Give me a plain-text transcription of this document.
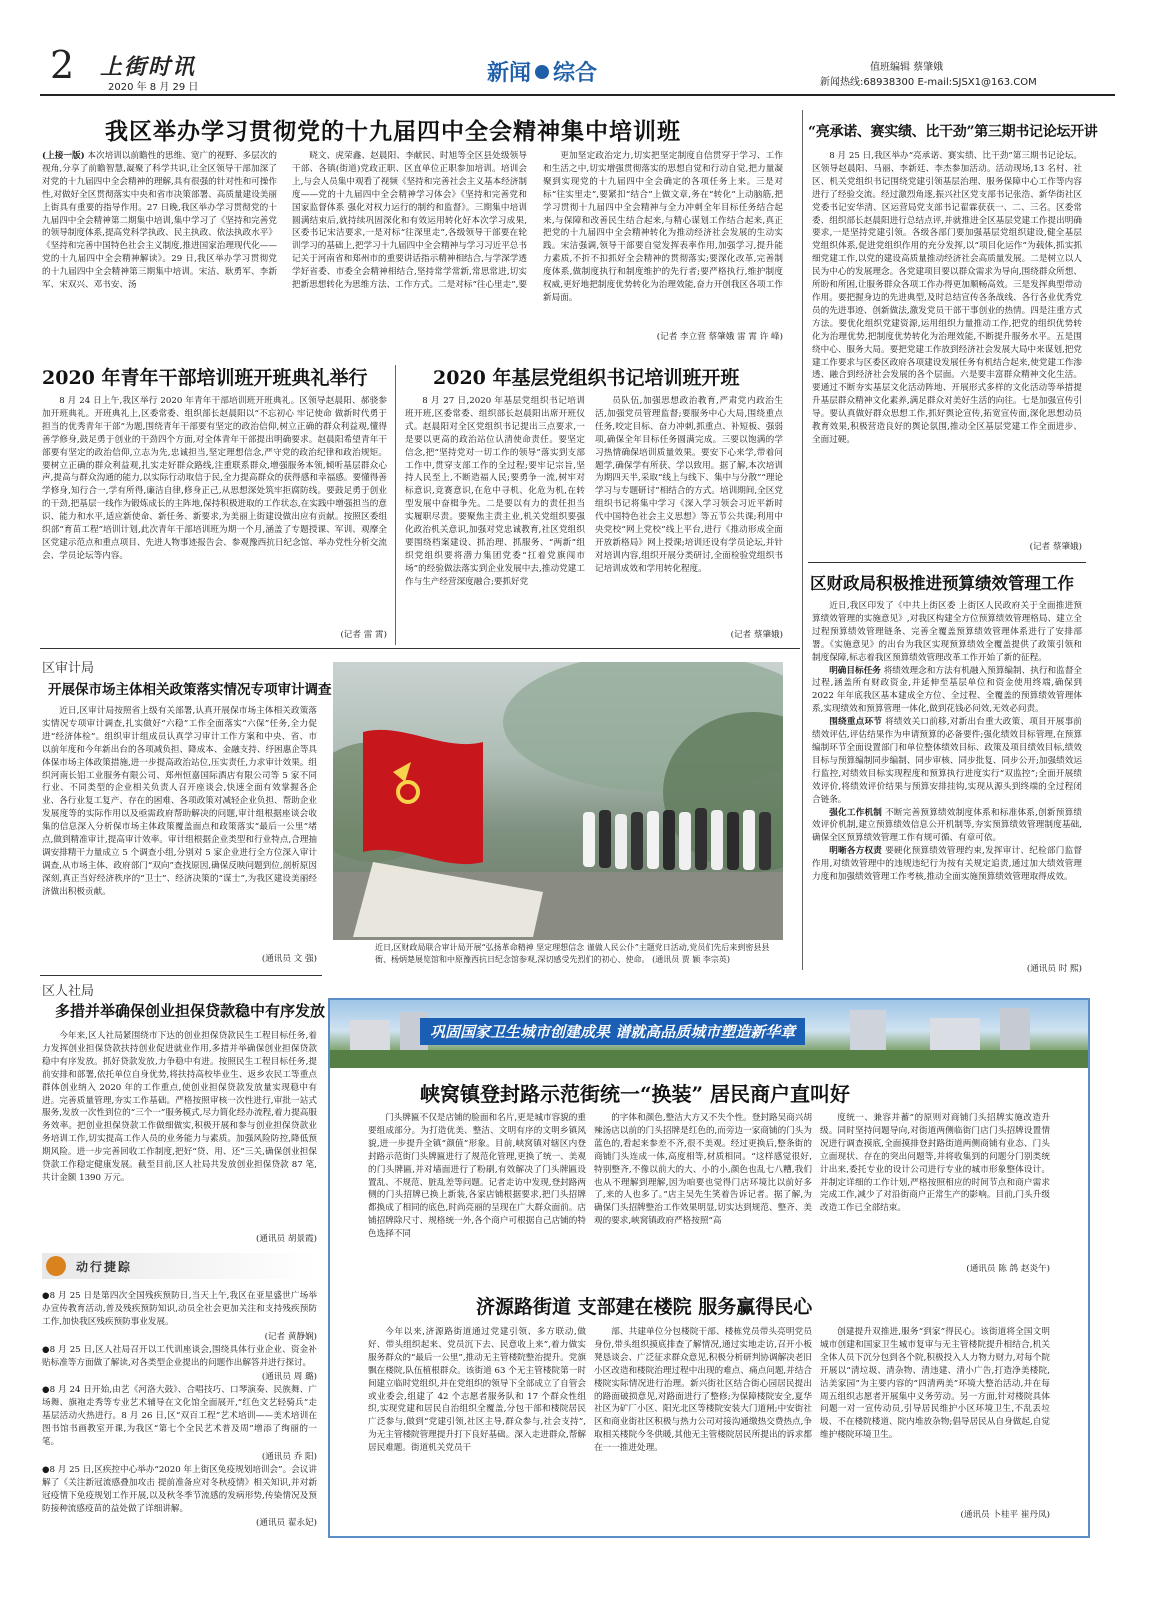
2 上街时讯
2020 年 8 月 29 日
新闻 综合	值班编辑 蔡肇娥
新闻热线:68938300 E-mail:SJSX1@163.COM
我区举办学习贯彻党的十九届四中全会精神集中培训班
(上接一版) 本次培训以前瞻性的思维、宽广的视野、多层次的视角,分享了前瞻智慧,凝聚了科学共识,让全区领导干部加深了对党的十九届四中全会精神的理解,具有很强的针对性和可操作性,对做好全区贯彻落实中央和省市决策部署、高质量建设美丽上街具有重要的指导作用。27 日晚,我区举办学习贯彻党的十九届四中全会精神第二期集中培训,集中学习了《坚持和完善党的领导制度体系,提高党科学执政、民主执政、依法执政水平》《坚持和完善中国特色社会主义制度,推进国家治理现代化——党的十九届四中全会精神解读》。29 日,我区举办学习贯彻党的十九届四中全会精神第三期集中培训。宋洁、耿勇军、李新军、宋双兴、邓书安、汤
晓文、虎荣鑫、赵晨阳、李献民、时旭等全区县处级领导干部、各镇(街道)党政正职、区直单位正职参加培训。培训会上,与会人员集中观看了视频《坚持和完善社会主义基本经济制度——党的十九届四中全会精神学习体会》《坚持和完善党和国家监督体系 强化对权力运行的制约和监督》。三期集中培训圆满结束后,就持续巩固深化和有效运用转化好本次学习成果,区委书记宋洁要求,一是对标“往深里走”,各级领导干部要在轮训学习的基础上,把学习十九届四中全会精神与学习习近平总书记关于河南省和郑州市的重要讲话指示精神相结合,与学深学透学好省委、市委全会精神相结合,坚持常学常新,常思常进,切实把新思想转化为思维方法、工作方式。二是对标“往心里走”,要
更加坚定政治定力,切实把坚定制度自信贯穿于学习、工作和生活之中,切实增强贯彻落实的思想自觉和行动自觉,把力量凝聚到实现党的十九届四中全会确定的各项任务上来。三是对标“往实里走”,要紧扣“结合”上做文章,务在“转化”上动脑筋,把学习贯彻十九届四中全会精神与全力冲刺全年目标任务结合起来,与保障和改善民生结合起来,与精心谋划工作结合起来,真正把党的十九届四中全会精神转化为推动经济社会发展的生动实践。宋洁强调,领导干部要自觉发挥表率作用,加强学习,提升能力素质,不折不扣抓好全会精神的贯彻落实;要深化改革,完善制度体系,做制度执行和制度维护的先行者;要严格执行,维护制度权威,更好地把制度优势转化为治理效能,奋力开创我区各项工作新局面。
(记者 李立营 蔡肇娥 雷 霄 许 峰)
“亮承诺、赛实绩、比干劲”第三期书记论坛开讲
8 月 25 日,我区举办“亮承诺、赛实绩、比干劲”第三期书记论坛。区领导赵晨阳、马丽、李新廷、李杰参加活动。活动现场,13 名村、社区、机关党组织书记围绕党建引领基层治理、服务保障中心工作等内容进行了经验交流。经过激烈角逐,振兴社区党支部书记张浩、新华街社区党委书记安华清、区运营局党支部书记翟霖获获一、二、三名。区委常委、组织部长赵晨阳进行总结点评,并就推进全区基层党建工作提出明确要求,一是坚持党建引领。各级各部门要加强基层党组织建设,健全基层党组织体系,促进党组织作用的充分发挥,以“项目化运作”为载体,抓实抓细党建工作,以党的建设高质量推动经济社会高质量发展。二是树立以人民为中心的发展理念。各党建项目要以群众需求为导向,围绕群众所想、所盼和所困,让服务群众各项工作办得更加顺畅高效。三是发挥典型带动作用。要把握身边的先进典型,及时总结宣传各条战线、各行各业优秀党员的先进事迹、创新做法,激发党员干部干事创业的热情。四是注重方式方法。要优化组织党建资源,运用组织力量推动工作,把党的组织优势转化为治理优势,把制度优势转化为治理效能,不断提升服务水平。五是围绕中心、服务大局。要把党建工作放到经济社会发展大局中来谋划,把党建工作要求与区委区政府各项建设发展任务有机结合起来,使党建工作渗透、融合到经济社会发展的各个层面。六是要丰富群众精神文化生活。要通过不断夯实基层文化活动阵地、开展形式多样的文化活动等举措提升基层群众精神文化素养,满足群众对美好生活的向往。七是加强宣传引导。要认真做好群众思想工作,抓好舆论宣传,拓宽宣传面,深化思想动员教育效果,积极营造良好的舆论氛围,推动全区基层党建工作全面进步、全面过硬。
(记者 蔡肇娥)
2020 年青年干部培训班开班典礼举行
8 月 24 日上午,我区举行 2020 年青年干部培训班开班典礼。区领导赵晨阳、郝骁参加开班典礼。开班典礼上,区委常委、组织部长赵晨阳以“不忘初心 牢记使命 做新时代勇于担当的优秀青年干部”为题,围绕青年干部要有坚定的政治信仰,树立正确的群众利益观,懂得善学修身,鼓足勇于创业的干劲四个方面,对全体青年干部提出明确要求。赵晨阳希望青年干部要有坚定的政治信仰,立志为先,忠诚担当,坚定理想信念,严守党的政治纪律和政治规矩。要树立正确的群众利益观,扎实走好群众路线,注重联系群众,增强服务本领,倾听基层群众心声,提高与群众沟通的能力,以实际行动取信于民,全力提高群众的获得感和幸福感。要懂得善学修身,知行合一,学有所得,廉洁自律,修身正己,从思想深处筑牢拒腐防线。要鼓足勇于创业的干劲,把基层一线作为锻炼成长的主阵地,保持积极进取的工作状态,在实践中增强担当的意识、能力和水平,适应新使命、新任务、新要求,为美丽上街建设做出应有贡献。按照区委组织部“育苗工程”培训计划,此次青年干部培训班为期一个月,涵盖了专题授课、军训、观摩全区党建示范点和重点项目、先进人物事迹报告会、参观豫西抗日纪念馆、举办党性分析交流会、学员论坛等内容。
(记者 雷 霄)
2020 年基层党组织书记培训班开班
8 月 27 日,2020 年基层党组织书记培训班开班,区委常委、组织部长赵晨阳出席开班仪式。赵晨阳对全区党组织书记提出三点要求,一是要以更高的政治站位认清使命责任。要坚定信念,把“坚持党对一切工作的领导”落实到支部工作中,贯穿支部工作的全过程;要牢记宗旨,坚持人民至上,不断造福人民;要勇争一流,树牢对标意识,竞赛意识,在危中寻机、化危为机,在转型发展中奋楫争先。二是要以有力的责任担当实履职尽责。要聚焦主责主业,机关党组织要强化政治机关意识,加强对党忠诚教育,社区党组织要围绕档案建设、抓治理、抓服务、“两新”组织党组织要将潜力集团党委“扛着党旗闯市场”的经验做法落实到企业发展中去,推动党建工作与生产经营深度融合;要抓好党
员队伍,加强思想政治教育,严肃党内政治生活,加强党员管理监督;要服务中心大局,围绕重点任务,咬定目标、奋力冲刺,抓重点、补短板、强弱项,确保全年目标任务圆满完成。三要以饱满的学习热情确保培训质量效果。要安下心来学,带着问题学,确保学有所获、学以致用。据了解,本次培训为期四天半,采取“线上与线下、集中与分散”“理论学习与专题研讨”相结合的方式。培训期间,全区党组织书记将集中学习《深入学习领会习近平新时代中国特色社会主义思想》等五节公共课;利用中央党校“网上党校”线上平台,进行《推动形成全面开放新格局》网上授课;培训还设有学员论坛,并针对培训内容,组织开展分类研讨,全面检验党组织书记培训成效和学用转化程度。
(记者 蔡肇娥)
区审计局
开展保市场主体相关政策落实情况专项审计调查
近日,区审计局按照省上级有关部署,认真开展保市场主体相关政策落实情况专项审计调查,扎实做好“六稳”工作全面落实“六保”任务,全力促进“经济体检”。组织审计组成员认真学习审计工作方案和中央、省、市以前年度和今年新出台的各项减负担、降成本、金融支持、纾困惠企等具体保市场主体政策措施,进一步提高政治站位,压实责任,力求审计效果。组织河南长铝工业服务有限公司、郑州恒嘉国际酒店有限公司等 5 家不同行业、不同类型的企业相关负责人召开座谈会,快速全面有效掌握各企业、各行业复工复产、存在的困难、各项政策对减轻企业负担、帮助企业发展度等的实际作用以及亟需政府帮助解决的问题,审计组根据座谈会收集的信息深入分析保市场主体政策覆盖面点和政策落实“最后一公里”堵点,做到精准审计,提高审计效率。审计组根据企业类型和行业特点,合理抽调安排精干力量成立 5 个调查小组,分别对 5 家企业进行全方位深入审计调查,从市场主体、政府部门“双向”查找原因,确保反映问题到位,剖析原因深刻,真正当好经济秩序的“卫士”、经济决策的“谋士”,为我区建设美丽经济做出积极贡献。
(通讯员 文 强)
近日,区财政局联合审计局开展“弘扬革命精神 坚定理想信念 谨做人民公仆”主题党日活动,党员们先后来到密县县衙、杨炳楚展览馆和中原豫西抗日纪念馆参观,深切感受先烈们的初心、使命。 (通讯员 贾 颖 李宗英)
区财政局积极推进预算绩效管理工作

近日,我区印发了《中共上街区委 上街区人民政府关于全面推进预算绩效管理的实施意见》,对我区构建全方位预算绩效管理格局、建立全过程预算绩效管理链条、完善全覆盖预算绩效管理体系进行了安排部署。《实施意见》的出台为我区实现预算绩效全覆盖提供了政策引领和制度保障,标志着我区预算绩效管理改革工作开始了新的征程。

明确目标任务 将绩效理念和方法有机融入预算编制、执行和监督全过程,涵盖所有财政资金,并延伸至基层单位和资金使用终端,确保到 2022 年年底我区基本建成全方位、全过程、全覆盖的预算绩效管理体系,实现绩效和预算管理一体化,做到花钱必问效,无效必问责。

围绕重点环节 将绩效关口前移,对新出台重大政策、项目开展事前绩效评估,评估结果作为申请预算的必备要件;强化绩效目标管理,在预算编制环节全面设置部门和单位整体绩效目标、政策及项目绩效目标,绩效目标与预算编制同步编制、同步审核、同步批复、同步公开;加强绩效运行监控,对绩效目标实现程度和预算执行进度实行“双监控”;全面开展绩效评价,将绩效评价结果与预算安排挂钩,实现从源头到终端的全过程闭合链条。

强化工作机制 不断完善预算绩效制度体系和标准体系,创新预算绩效评价机制,建立预算绩效信息公开机制等,夯实预算绩效管理制度基础,确保全区预算绩效管理工作有规可循、有章可依。

明晰各方权责 要硬化预算绩效管理约束,发挥审计、纪检部门监督作用,对绩效管理中的违规违纪行为按有关规定追责,通过加大绩效管理力度和加强绩效管理工作考核,推动全面实施预算绩效管理取得成效。

(通讯员 时 熙)
区人社局
多措并举确保创业担保贷款稳中有序发放
今年来,区人社局紧围绕市下达的创业担保贷款民生工程目标任务,着力发挥创业担保贷款扶持创业促进就业作用,多措并举确保创业担保贷款稳中有序发放。抓好贷款发放,力争稳中有进。按照民生工程目标任务,提前安排和部署,依托单位自身优势,将扶持高校毕业生、返乡农民工等重点群体创业纳入 2020 年的工作重点,使创业担保贷款发放量实现稳中有进。完善质量管理,夯实工作基础。严格按照审核一次性进行,审批一站式服务,发放一次性到位的“三个一”服务模式,尽力简化经办流程,着力提高服务效率。把创业担保贷款工作做细做实,积极开展和参与创业担保贷款业务培训工作,切实提高工作人员的业务能力与素质。加强风险防控,降低预期风险。进一步完善回收工作制度,把好“贷、用、还”三关,确保创业担保贷款工作稳定健康发展。截至目前,区人社局共发放创业担保贷款 87 笔,共计金额 1390 万元。
(通讯员 胡景霞)
动行捷踪
●8 月 25 日是第四次全国残疾预防日,当天上午,我区在亚星盛世广场举办宣传教育活动,普及残疾预防知识,动员全社会更加关注和支持残疾预防工作,加快我区残疾预防事业发展。
(记者 黄静娴)
●8 月 25 日,区人社局召开以工代训座谈会,围绕具体行业企业、资金补贴标准等方面做了解读,对各类型企业提出的问题作出解答并进行探讨。
(通讯员 周 璐)
●8 月 24 日开始,由艺《河洛大鼓》、合唱技巧、口琴演奏、民族舞、广场舞、旗袍走秀等专业艺术辅导在文化馆全面展开,“红色文艺轻骑兵”走基层活动火热进行。8 月 26 日,区“双百工程”艺术培训——美术培训在图书馆书画教室开课,为我区“第七个全民艺术普及周”增添了绚丽的一笔。
(通讯员 乔 阳)
●8 月 25 日,区疾控中心举办“2020 年上街区免疫规划培训会”。会议讲解了《关注新冠流感叠加攻击 提前准备应对冬秋疫情》相关知识,并对新冠疫情下免疫规划工作开展,以及秋冬季节流感的发病形势,传染情况及预防接种流感疫苗的益处做了详细讲解。
(通讯员 翟永妃)
巩固国家卫生城市创建成果 谱就高品质城市塑造新华章
峡窝镇登封路示范街统一“换装” 居民商户直叫好
门头牌匾不仅是店铺的脸面和名片,更是城市容貌的重要组成部分。为打造优美、整洁、文明有序的文明乡镇风貌,进一步提升全镇“颜值”形象。目前,峡窝镇对辖区内登封路示范街门头牌匾进行了规范化管理,更换了统一、美观的门头牌匾,并对墙面进行了粉刷,有效解决了门头牌匾设置乱、不规范、脏乱差等问题。记者走访中发现,登封路两侧的门头招牌已换上新装,各家店铺根据要求,把门头招牌都换成了相同的底色,时尚亮丽的呈现在广大群众面前。店铺招牌除尺寸、规格统一外,各个商户可根据自己店铺的特色选择不同
的字体和颜色,整洁大方又不失个性。登封路吴商兴胡辣汤店以前的门头招牌是红色的,而旁边一家商铺的门头为蓝色的,看起来参差不齐,很不美观。经过更换后,整条街的商铺门头连成一体,高度相等,材质相同。“这样感觉很好,特别整齐,不像以前大的大、小的小,颜色也乱七八糟,我们也从不理解到理解,因为咱要也觉得门店环境比以前好多了,来的人也多了。”店主吴先生笑着告诉记者。据了解,为确保门头招牌整治工作效果明显,切实达到规范、整齐、美观的要求,峡窝镇政府严格按照“高
度统一、兼容并蓄”的原则对商铺门头招牌实施改造升级。同时坚持问题导向,对街道两侧临街门店门头招牌设置情况进行调查摸底,全面摸排登封路街道两侧商铺有业态、门头立面现状、存在的突出问题等,并将收集到的问题分门别类统计出来,委托专业的设计公司进行专业的城市形象整体设计。并制定详细的工作计划,严格按照相应的时间节点和商户需求完成工作,减少了对沿街商户正常生产的影响。目前,门头升级改造工作已全部结束。
(通讯员 陈 鸽 赵炎午)
济源路街道 支部建在楼院 服务赢得民心
今年以来,济源路街道通过党建引领、多方联动,做好、带头组织起来、党员沉下去、民意收上来”,着力做实服务群众的“最后一公里”,推动无主管楼院整治提升。党旗飘在楼院,队伍植根群众。该街道 63 个无主管楼院第一时间建立临时党组织,并在党组织的领导下全部成立了自管会或业委会,组建了 42 个志愿者服务队和 17 个群众性组织,实现党建和居民自治组织全覆盖,分包干部和楼院居民广泛参与,做到“党建引领,社区主导,群众参与,社会支持”,为无主管楼院管理提升打下良好基础。深入走进群众,帮解居民难题。街道机关党员干
部、共建单位分包楼院干部、楼栋党员带头亮明党员身份,带头组织摸底排查了解情况,通过实地走访,召开小板凳恳谈会、广泛征求群众意见,积极分析研判协调解决老旧小区改造和楼院治理过程中出现的难点、痛点问题,并结合楼院实际情况进行治理。新兴街社区结合街心园居民提出的路面破损意见,对路面进行了整修;为保障楼院安全,夏华社区为矿厂小区、阳光北区等楼院安装大门道闸;中安街社区和商业街社区积极与热力公司对接沟通缴热交费热点,争取相关楼院今冬供暖,其他无主管楼院居民所提出的诉求都在一一推进处理。
创建提升双推进,服务“到家”得民心。该街道将全国文明城市创建和国家卫生城市复审与无主管楼院提升相结合,机关全体人员下沉分包到各个院,积极投入人力物力财力,对每个院开展以“清垃圾、清杂物、清违建、清小广告,打造净美楼院,洁美家园”为主要内容的“四清两美”环境大整治活动,并在每周五组织志愿者开展集中义务劳动。另一方面,针对楼院具体问题一对一宣传动员,引导居民维护小区环境卫生,不乱丢垃圾、不在楼院楼道、院内堆放杂物;倡导居民从自身做起,自觉维护楼院环境卫生。
(通讯员 卜桂平 崔丹凤)
